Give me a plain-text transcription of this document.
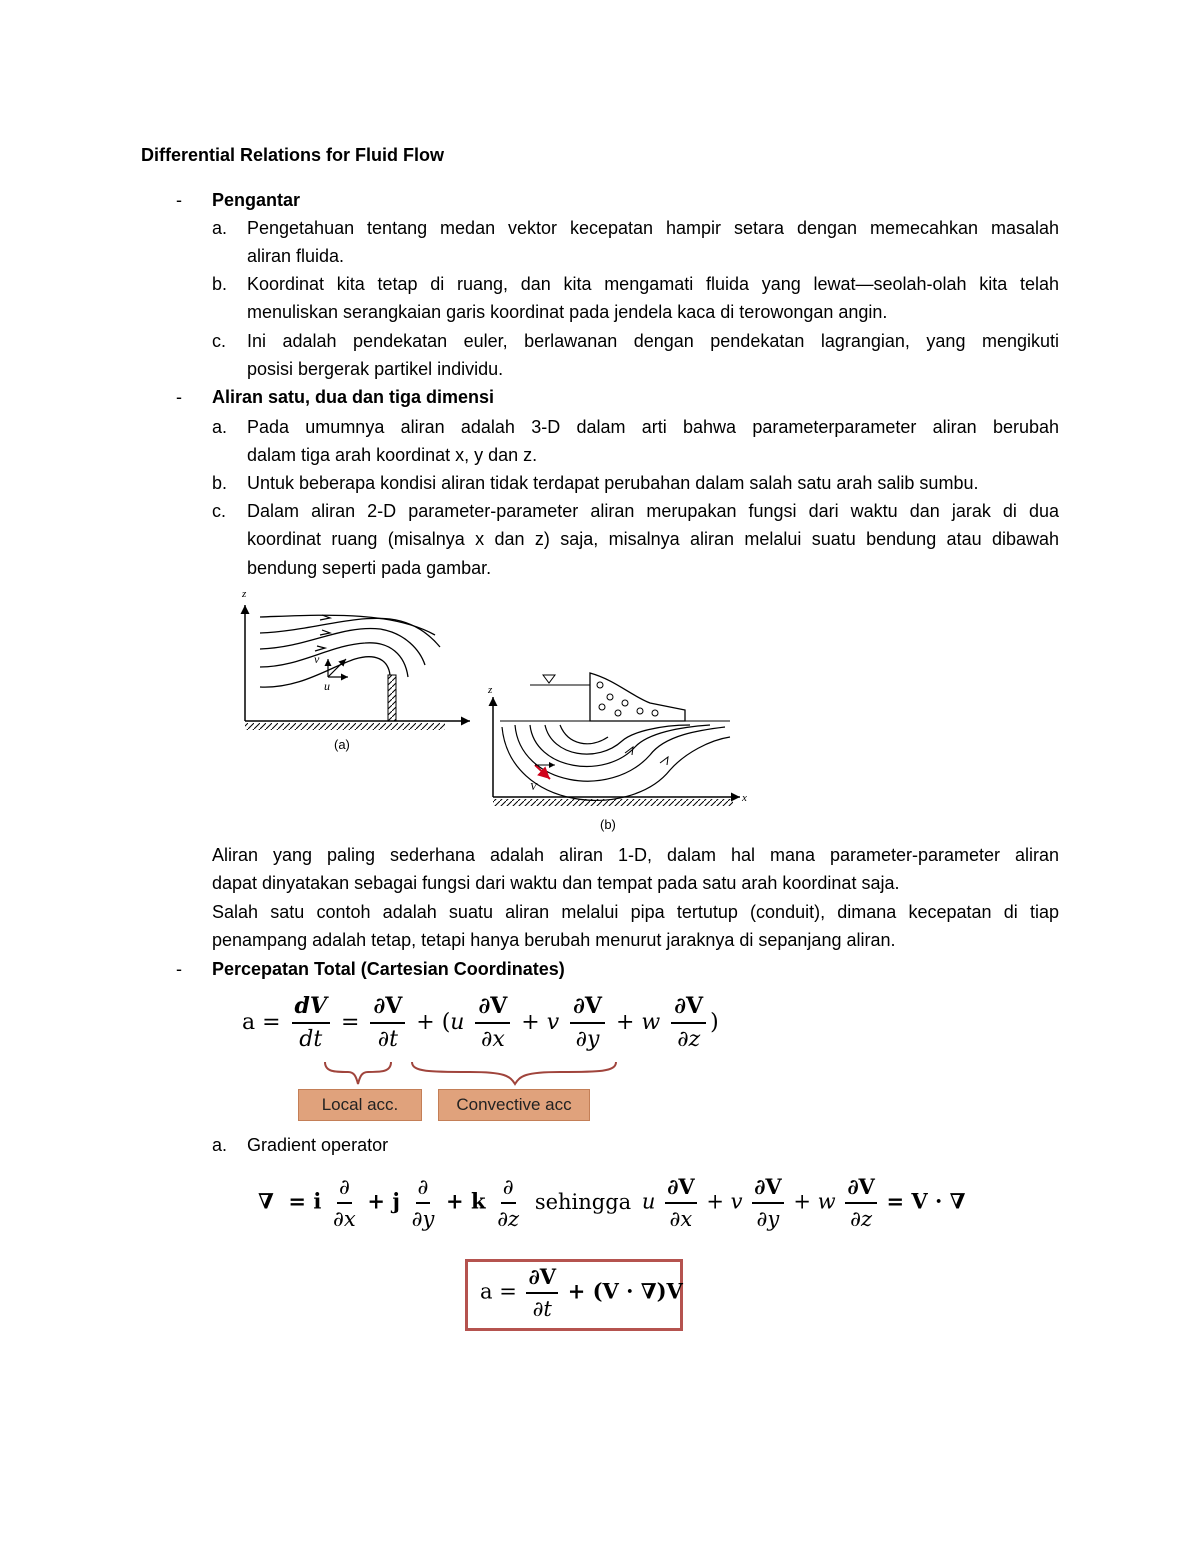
Differential Relations for Fluid Flow
- Pengantar
a. Pengetahuan tentang medan vektor kecepatan hampir setara dengan memecahkan masalah
aliran fluida.
b. Koordinat kita tetap di ruang, dan kita mengamati fluida yang lewat—seolah-olah kita telah
menuliskan serangkaian garis koordinat pada jendela kaca di terowongan angin.
c. Ini adalah pendekatan euler, berlawanan dengan pendekatan lagrangian, yang mengikuti
posisi bergerak partikel individu.
- Aliran satu, dua dan tiga dimensi
a. Pada umumnya aliran adalah 3-D dalam arti bahwa parameterparameter aliran berubah
dalam tiga arah koordinat x, y dan z.
b. Untuk beberapa kondisi aliran tidak terdapat perubahan dalam salah satu arah salib sumbu.
c. Dalam aliran 2-D parameter-parameter aliran merupakan fungsi dari waktu dan jarak di dua
koordinat ruang (misalnya x dan z) saja, misalnya aliran melalui suatu bendung atau dibawah
bendung seperti pada gambar.
v
u
z
(a)
z
x
V
(b)
Aliran yang paling sederhana adalah aliran 1-D, dalam hal mana parameter-parameter aliran
dapat dinyatakan sebagai fungsi dari waktu dan tempat pada satu arah koordinat saja.
Salah satu contoh adalah suatu aliran melalui pipa tertutup (conduit), dimana kecepatan di tiap
penampang adalah tetap, tetapi hanya berubah menurut jaraknya di sepanjang aliran.
- Percepatan Total (Cartesian Coordinates)
$a = \frac{dV}{dt} = \frac{\partial V}{\partial t} + (u \frac{\partial V}{\partial x} + v \frac{\partial V}{\partial y} + w \frac{\partial V}{\partial z}$ )
Local acc.	Convective acc
a. Gradient operator
∇  = i $\frac{\partial}{\partial x} + j \frac{\partial}{\partial y} + k \frac{\partial}{\partial z}$ sehingga u $\frac{\partial V}{\partial x} + v \frac{\partial V}{\partial y} + w \frac{\partial V}{\partial z} = V$ · ∇
$a = \frac{\partial V}{\partial t} + (V \cdot \nabla)V$
